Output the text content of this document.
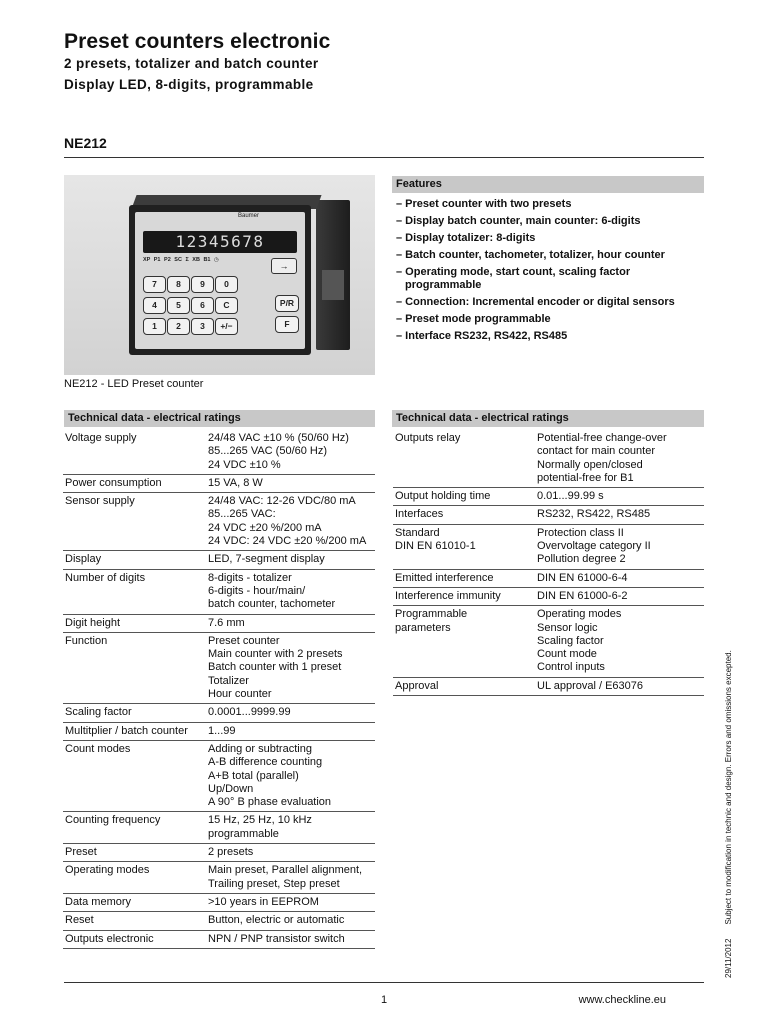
Preset counters electronic
2 presets, totalizer and batch counter
Display LED, 8-digits, programmable
NE212
Baumer
12345678
XP P1 P2 SC Σ XB B1 ◷
→
7	8	9	0
4	5	6	C
1	2	3	+/−
P/R
F
NE212 - LED Preset counter
Features
– Preset counter with two presets
– Display batch counter, main counter: 6-digits
– Display totalizer: 8-digits
– Batch counter, tachometer, totalizer, hour counter
– Operating mode, start count, scaling factor
programmable
– Connection: Incremental encoder or digital sensors
– Preset mode programmable
– Interface RS232, RS422, RS485
Technical data - electrical ratings
Voltage supply	24/48 VAC ±10 % (50/60 Hz)
85...265 VAC (50/60 Hz)
24 VDC ±10 %
Power consumption	15 VA, 8 W
Sensor supply	24/48 VAC: 12-26 VDC/80 mA
85...265 VAC:
24 VDC ±20 %/200 mA
24 VDC: 24 VDC ±20 %/200 mA
Display	LED, 7-segment display
Number of digits	8-digits - totalizer
6-digits - hour/main/
batch counter, tachometer
Digit height	7.6 mm
Function	Preset counter
Main counter with 2 presets
Batch counter with 1 preset
Totalizer
Hour counter
Scaling factor	0.0001...9999.99
Multitplier / batch counter	1...99
Count modes	Adding or subtracting
A-B difference counting
A+B total (parallel)
Up/Down
A 90° B phase evaluation
Counting frequency	15 Hz, 25 Hz, 10 kHz
programmable
Preset	2 presets
Operating modes	Main preset, Parallel alignment,
Trailing preset, Step preset
Data memory	>10 years in EEPROM
Reset	Button, electric or automatic
Outputs electronic	NPN / PNP transistor switch
Technical data - electrical ratings
Outputs relay	Potential-free change-over
contact for main counter
Normally open/closed
potential-free for B1
Output holding time	0.01...99.99 s
Interfaces	RS232, RS422, RS485
Standard
DIN EN 61010-1	Protection class II
Overvoltage category II
Pollution degree 2
Emitted interference	DIN EN 61000-6-4
Interference immunity	DIN EN 61000-6-2
Programmable
parameters	Operating modes
Sensor logic
Scaling factor
Count mode
Control inputs
Approval	UL approval / E63076
29/11/2012Subject to modification in technic and design. Errors and omissions excepted.
1	www.checkline.eu
